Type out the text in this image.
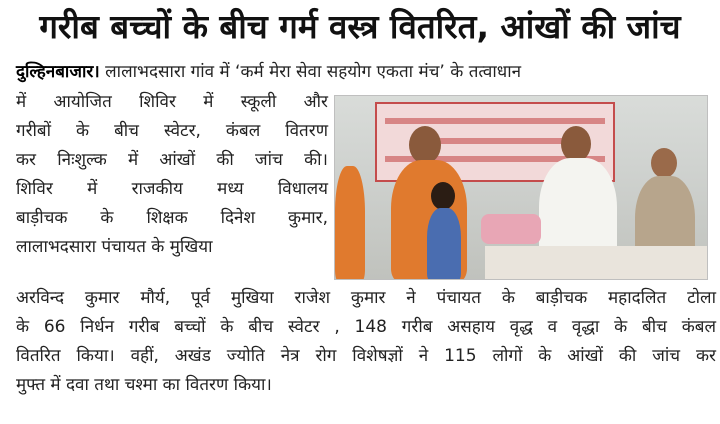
गरीब बच्चों के बीच गर्म वस्त्र वितरित, आंखों की जांच
दुल्हिनबाजार। लालाभदसारा गांव में ‘कर्म मेरा सेवा सहयोग एकता मंच’ के तत्वाधान
में आयोजित शिविर में स्कूली और
गरीबों के बीच स्वेटर, कंबल वितरण
कर निःशुल्क में आंखों की जांच की।
शिविर में राजकीय मध्य विधालय
बाड़ीचक के शिक्षक दिनेश कुमार,
लालाभदसारा पंचायत के मुखिया
अरविन्द कुमार मौर्य, पूर्व मुखिया राजेश कुमार ने पंचायत के बाड़ीचक महादलित टोला
के 66 निर्धन गरीब बच्चों के बीच स्वेटर , 148 गरीब असहाय वृद्ध व वृद्धा के बीच कंबल
वितरित किया। वहीं, अखंड ज्योति नेत्र रोग विशेषज्ञों ने 115 लोगों के आंखों की जांच कर
मुफ्त में दवा तथा चश्मा का वितरण किया।
